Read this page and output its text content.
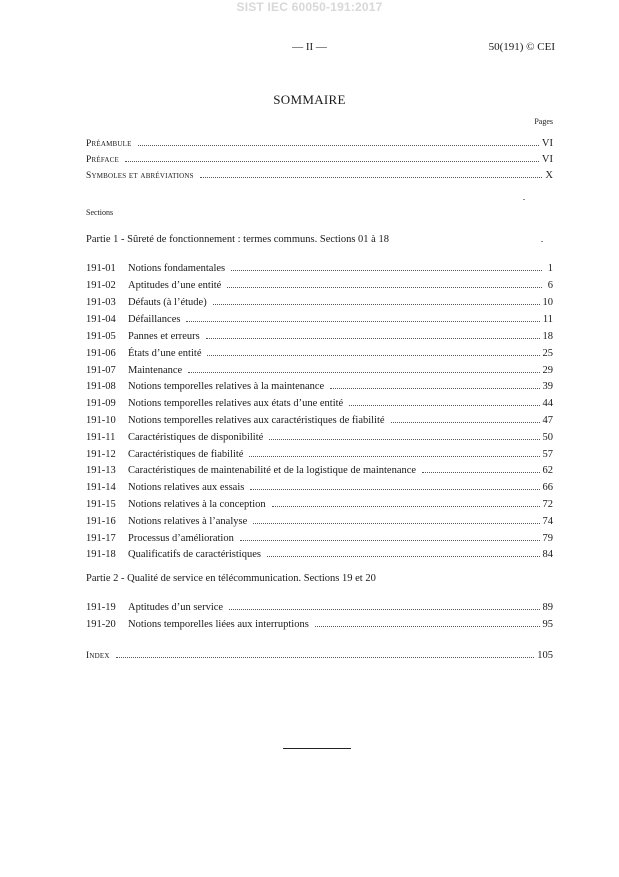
SIST IEC 60050-191:2017
— II —	50(191) © CEI
SOMMAIRE
Pages
Préambule	VI
Préface	VI
Symboles et abréviations	X
Sections
Partie 1 - Sûreté de fonctionnement : termes communs. Sections 01 à 18
191-01	Notions fondamentales	1
191-02	Aptitudes d’une entité	6
191-03	Défauts (à l’étude)	10
191-04	Défaillances	11
191-05	Pannes et erreurs	18
191-06	États d’une entité	25
191-07	Maintenance	29
191-08	Notions temporelles relatives à la maintenance	39
191-09	Notions temporelles relatives aux états d’une entité	44
191-10	Notions temporelles relatives aux caractéristiques de fiabilité	47
191-11	Caractéristiques de disponibilité	50
191-12	Caractéristiques de fiabilité	57
191-13	Caractéristiques de maintenabilité et de la logistique de maintenance	62
191-14	Notions relatives aux essais	66
191-15	Notions relatives à la conception	72
191-16	Notions relatives à l’analyse	74
191-17	Processus d’amélioration	79
191-18	Qualificatifs de caractéristiques	84
Partie 2 - Qualité de service en télécommunication. Sections 19 et 20
191-19	Aptitudes d’un service	89
191-20	Notions temporelles liées aux interruptions	95
Index	105
